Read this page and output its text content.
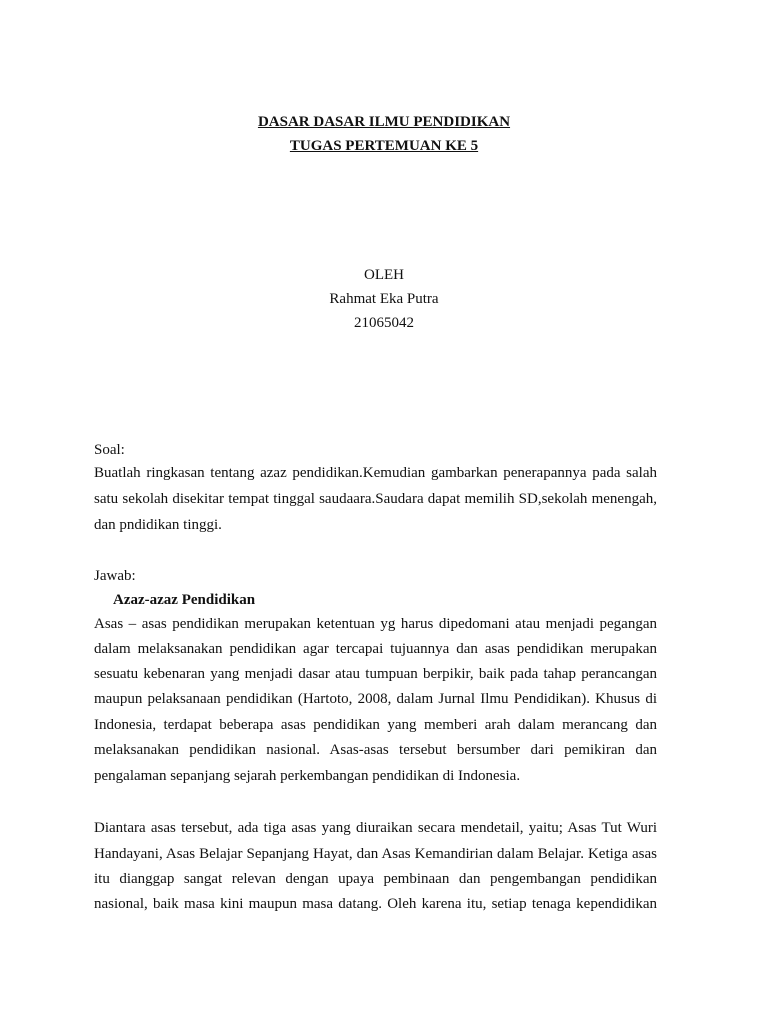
DASAR DASAR ILMU PENDIDIKAN
TUGAS PERTEMUAN KE 5
OLEH
Rahmat Eka Putra
21065042
Soal:
Buatlah ringkasan tentang azaz pendidikan.Kemudian gambarkan penerapannya pada salah
satu sekolah disekitar tempat tinggal saudaara.Saudara dapat memilih SD,sekolah menengah,
dan pndidikan tinggi.
Jawab:
Azaz-azaz Pendidikan
Asas – asas pendidikan merupakan ketentuan yg harus dipedomani atau menjadi pegangan
dalam melaksanakan pendidikan agar tercapai tujuannya dan asas pendidikan merupakan
sesuatu kebenaran yang menjadi dasar atau tumpuan berpikir, baik pada tahap perancangan
maupun pelaksanaan pendidikan (Hartoto, 2008, dalam Jurnal Ilmu Pendidikan). Khusus di
Indonesia, terdapat beberapa asas pendidikan yang memberi arah dalam merancang dan
melaksanakan pendidikan nasional. Asas-asas tersebut bersumber dari pemikiran dan
pengalaman sepanjang sejarah perkembangan pendidikan di Indonesia.
Diantara asas tersebut, ada tiga asas yang diuraikan secara mendetail, yaitu; Asas Tut Wuri
Handayani, Asas Belajar Sepanjang Hayat, dan Asas Kemandirian dalam Belajar. Ketiga asas
itu dianggap sangat relevan dengan upaya pembinaan dan pengembangan pendidikan
nasional, baik masa kini maupun masa datang. Oleh karena itu, setiap tenaga kependidikan
